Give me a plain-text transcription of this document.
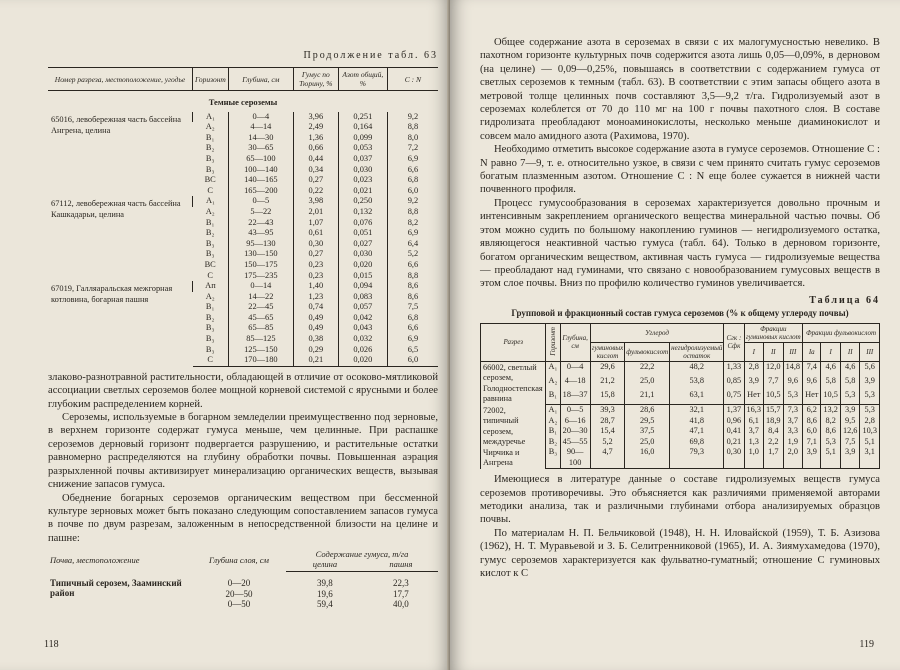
Продолжение табл. 63
Номер разреза, местоположение, угодье	Горизонт	Глубина, см	Гумус по Тюрину, %	Азот общий, %	C : N
Темные сероземы					
65016, левобережная часть бассейна Ангрена, целина	A₁	0—4	3,96	0,251	9,2
	A₂	4—14	2,49	0,164	8,8
	B₁	14—30	1,36	0,099	8,0
	B₂	30—65	0,66	0,053	7,2
	B₃	65—100	0,44	0,037	6,9
	B₃	100—140	0,34	0,030	6,6
	BC	140—165	0,27	0,023	6,8
	C	165—200	0,22	0,021	6,0
67112, левобережная часть бассейна Кашкадарьи, целина	A₁	0—5	3,98	0,250	9,2
	A₂	5—22	2,01	0,132	8,8
	B₁	22—43	1,07	0,076	8,2
	B₂	43—95	0,61	0,051	6,9
	B₃	95—130	0,30	0,027	6,4
	B₃	130—150	0,27	0,030	5,2
	BC	150—175	0,23	0,020	6,6
	C	175—235	0,23	0,015	8,8
67019, Галляаральская межгорная котловина, богарная пашня	Ап	0—14	1,40	0,094	8,6
	A₂	14—22	1,23	0,083	8,6
	B₁	22—45	0,74	0,057	7,5
	B₂	45—65	0,49	0,042	6,8
	B₃	65—85	0,49	0,043	6,6
	B₃	85—125	0,38	0,032	6,9
	B₃	125—150	0,29	0,026	6,5
	C	170—180	0,21	0,020	6,0

злаково-разнотравной растительности, обладающей в отличие от осоково-мятликовой ассоциации светлых сероземов более мощной корневой системой с ярусными и более глубоким распределением корней.

Сероземы, используемые в богарном земледелии преимущественно под зерновые, в верхнем горизонте содержат гумуса меньше, чем целинные. При распашке сероземов дерновый горизонт подвергается разрушению, и растительные остатки равномерно распределяются на глубину обработки почвы. Повышенная аэрация разрыхленной почвы активизирует минерализацию органических веществ, вызывая снижение запасов гумуса.

Обеднение богарных сероземов органическим веществом при бессменной культуре зерновых может быть показано следующим сопоставлением запасов гумуса в почве по двум разрезам, заложенным в непосредственной близости на целине и пашне:

Почва, местоположение	Глубина слоя, см	Содержание гумуса, т/га	
		целина	пашня
Типичный серозем, Зааминский район	0—20	39,8	22,3
	20—50	19,6	17,7
	0—50	59,4	40,0
118

Общее содержание азота в сероземах в связи с их малогумусностью невелико. В пахотном горизонте культурных почв содержится азота лишь 0,05—0,09%, в дерновом (на целине) — 0,09—0,25%, повышаясь в соответствии с содержанием гумуса от светлых сероземов к темным (табл. 63). В соответствии с этим запасы общего азота в метровой толще целинных почв составляют 3,5—9,2 т/га. Гидролизуемый азот в сероземах колеблется от 70 до 110 мг на 100 г почвы пахотного слоя. В составе гидролизата преобладают моноаминокислоты, несколько меньше диаминокислот и совсем мало амидного азота (Рахимова, 1970).

Необходимо отметить высокое содержание азота в гумусе сероземов. Отношение C : N равно 7—9, т. е. относительно узкое, в связи с чем принято считать гумус сероземов богатым плазменным азотом. Отношение C : N еще более сужается в нижней части почвенного профиля.

Процесс гумусообразования в сероземах характеризуется довольно прочным и интенсивным закреплением органического вещества минеральной частью почвы. Об этом можно судить по большому накоплению гуминов — негидролизуемого остатка, являющегося неактивной частью гумуса (табл. 64). Только в дерновом горизонте, богатом органическим веществом, активная часть гумуса — гидролизуемые вещества — преобладают над гуминами, что связано с новообразованием гумусовых веществ в этом слое почвы. Вниз по профилю количество гуминов увеличивается.

Таблица 64
Групповой и фракционный состав гумуса сероземов (% к общему углероду почвы)
Разрез	Горизонт	Глубина, см	Углерод			Cгк : Cфк	Фракции гуминовых кислот			Фракции фульвокислот			
			гуминовых кислот	фульвокислот	негидролизуемый остаток		I	II	III	Iа	I	II	III
66002, светлый серозем, Голодностепская равнина	A₁	0—4	29,6	22,2	48,2	1,33	2,8	12,0	14,8	7,4	4,6	4,6	5,6
	A₂	4—18	21,2	25,0	53,8	0,85	3,9	7,7	9,6	9,6	5,8	5,8	3,9
	B₁	18—37	15,8	21,1	63,1	0,75	Нет	10,5	5,3	Нет	10,5	5,3	5,3
72002, типичный серозем, междуречье Чирчика и Ангрена	A₁	0—5	39,3	28,6	32,1	1,37	16,3	15,7	7,3	6,2	13,2	3,9	5,3
	A₂	6—16	28,7	29,5	41,8	0,96	6,1	18,9	3,7	8,6	8,2	9,5	2,8
	B₁	20—30	15,4	37,5	47,1	0,41	3,7	8,4	3,3	6,0	8,6	12,6	10,3
	B₂	45—55	5,2	25,0	69,8	0,21	1,3	2,2	1,9	7,1	5,3	7,5	5,1
	B₃	90—100	4,7	16,0	79,3	0,30	1,0	1,7	2,0	3,9	5,1	3,9	3,1

Имеющиеся в литературе данные о составе гидролизуемых веществ гумуса сероземов противоречивы. Это объясняется как различиями применяемой авторами методики анализа, так и различными глубинами отбора анализируемых образцов почвы.

По материалам Н. П. Бельчиковой (1948), Н. Н. Иловайской (1959), Т. Б. Азизова (1962), Н. Т. Муравьевой и З. Б. Селитренниковой (1965), И. А. Зиямухамедова (1970), гумус сероземов характеризуется как фульватно-гуматный; отношение C гуминовых кислот к C

119
